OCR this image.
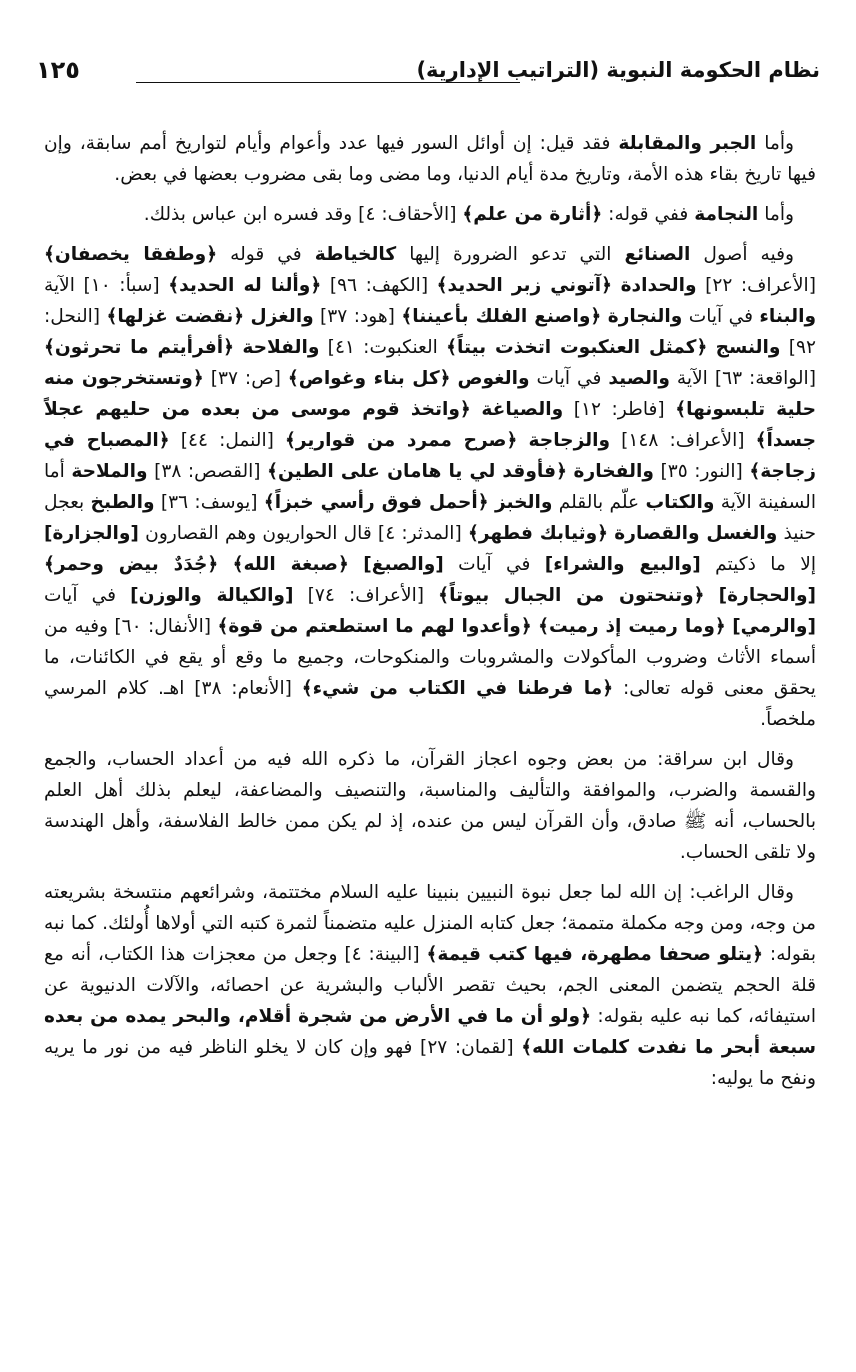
نظام الحكومة النبوية (التراتيب الإدارية)
١٢٥

وأما الجبر والمقابلة فقد قيل: إن أوائل السور فيها عدد وأعوام وأيام لتواريخ أمم سابقة، وإن فيها تاريخ بقاء هذه الأمة، وتاريخ مدة أيام الدنيا، وما مضى وما بقى مضروب بعضها في بعض.

وأما النجامة ففي قوله: ﴿أثارة من علم﴾ [الأحقاف: ٤] وقد فسره ابن عباس بذلك.

وفيه أصول الصنائع التي تدعو الضرورة إليها كالخياطة في قوله ﴿وطفقا يخصفان﴾ [الأعراف: ٢٢] والحدادة ﴿آتوني زبر الحديد﴾ [الكهف: ٩٦] ﴿وألنا له الحديد﴾ [سبأ: ١٠] الآية والبناء في آيات والنجارة ﴿واصنع الفلك بأعيننا﴾ [هود: ٣٧] والغزل ﴿نقضت غزلها﴾ [النحل: ٩٢] والنسج ﴿كمثل العنكبوت اتخذت بيتاً﴾ العنكبوت: ٤١] والفلاحة ﴿أفرأيتم ما تحرثون﴾ [الواقعة: ٦٣] الآية والصيد في آيات والغوص ﴿كل بناء وغواص﴾ [ص: ٣٧] ﴿وتستخرجون منه حلية تلبسونها﴾ [فاطر: ١٢] والصياغة ﴿واتخذ قوم موسى من بعده من حليهم عجلاً جسداً﴾ [الأعراف: ١٤٨] والزجاجة ﴿صرح ممرد من قوارير﴾ [النمل: ٤٤] ﴿المصباح في زجاجة﴾ [النور: ٣٥] والفخارة ﴿فأوقد لي يا هامان على الطين﴾ [القصص: ٣٨] والملاحة أما السفينة الآية والكتاب علّم بالقلم والخبز ﴿أحمل فوق رأسي خبزاً﴾ [يوسف: ٣٦] والطبخ بعجل حنيذ والغسل والقصارة ﴿وثيابك فطهر﴾ [المدثر: ٤] قال الحواريون وهم القصارون [والجزارة] إلا ما ذكيتم [والبيع والشراء] في آيات [والصبغ] ﴿صبغة الله﴾ ﴿جُدَدٌ بيض وحمر﴾ [والحجارة] ﴿وتنحتون من الجبال بيوتاً﴾ [الأعراف: ٧٤] [والكيالة والوزن] في آيات [والرمي] ﴿وما رميت إذ رميت﴾ ﴿وأعدوا لهم ما استطعتم من قوة﴾ [الأنفال: ٦٠] وفيه من أسماء الأثاث وضروب المأكولات والمشروبات والمنكوحات، وجميع ما وقع أو يقع في الكائنات، ما يحقق معنى قوله تعالى: ﴿ما فرطنا في الكتاب من شيء﴾ [الأنعام: ٣٨] اهـ. كلام المرسي ملخصاً.

وقال ابن سراقة: من بعض وجوه اعجاز القرآن، ما ذكره الله فيه من أعداد الحساب، والجمع والقسمة والضرب، والموافقة والتأليف والمناسبة، والتنصيف والمضاعفة، ليعلم بذلك أهل العلم بالحساب، أنه ﷺ صادق، وأن القرآن ليس من عنده، إذ لم يكن ممن خالط الفلاسفة، وأهل الهندسة ولا تلقى الحساب.

وقال الراغب: إن الله لما جعل نبوة النبيين بنبينا عليه السلام مختتمة، وشرائعهم منتسخة بشريعته من وجه، ومن وجه مكملة متممة؛ جعل كتابه المنزل عليه متضمناً لثمرة كتبه التي أولاها أُولئك. كما نبه بقوله: ﴿يتلو صحفا مطهرة، فيها كتب قيمة﴾ [البينة: ٤] وجعل من معجزات هذا الكتاب، أنه مع قلة الحجم يتضمن المعنى الجم، بحيث تقصر الألباب والبشرية عن احصائه، والآلات الدنيوية عن استيفائه، كما نبه عليه بقوله: ﴿ولو أن ما في الأرض من شجرة أقلام، والبحر يمده من بعده سبعة أبحر ما نفدت كلمات الله﴾ [لقمان: ٢٧] فهو وإن كان لا يخلو الناظر فيه من نور ما يريه ونفح ما يوليه:
